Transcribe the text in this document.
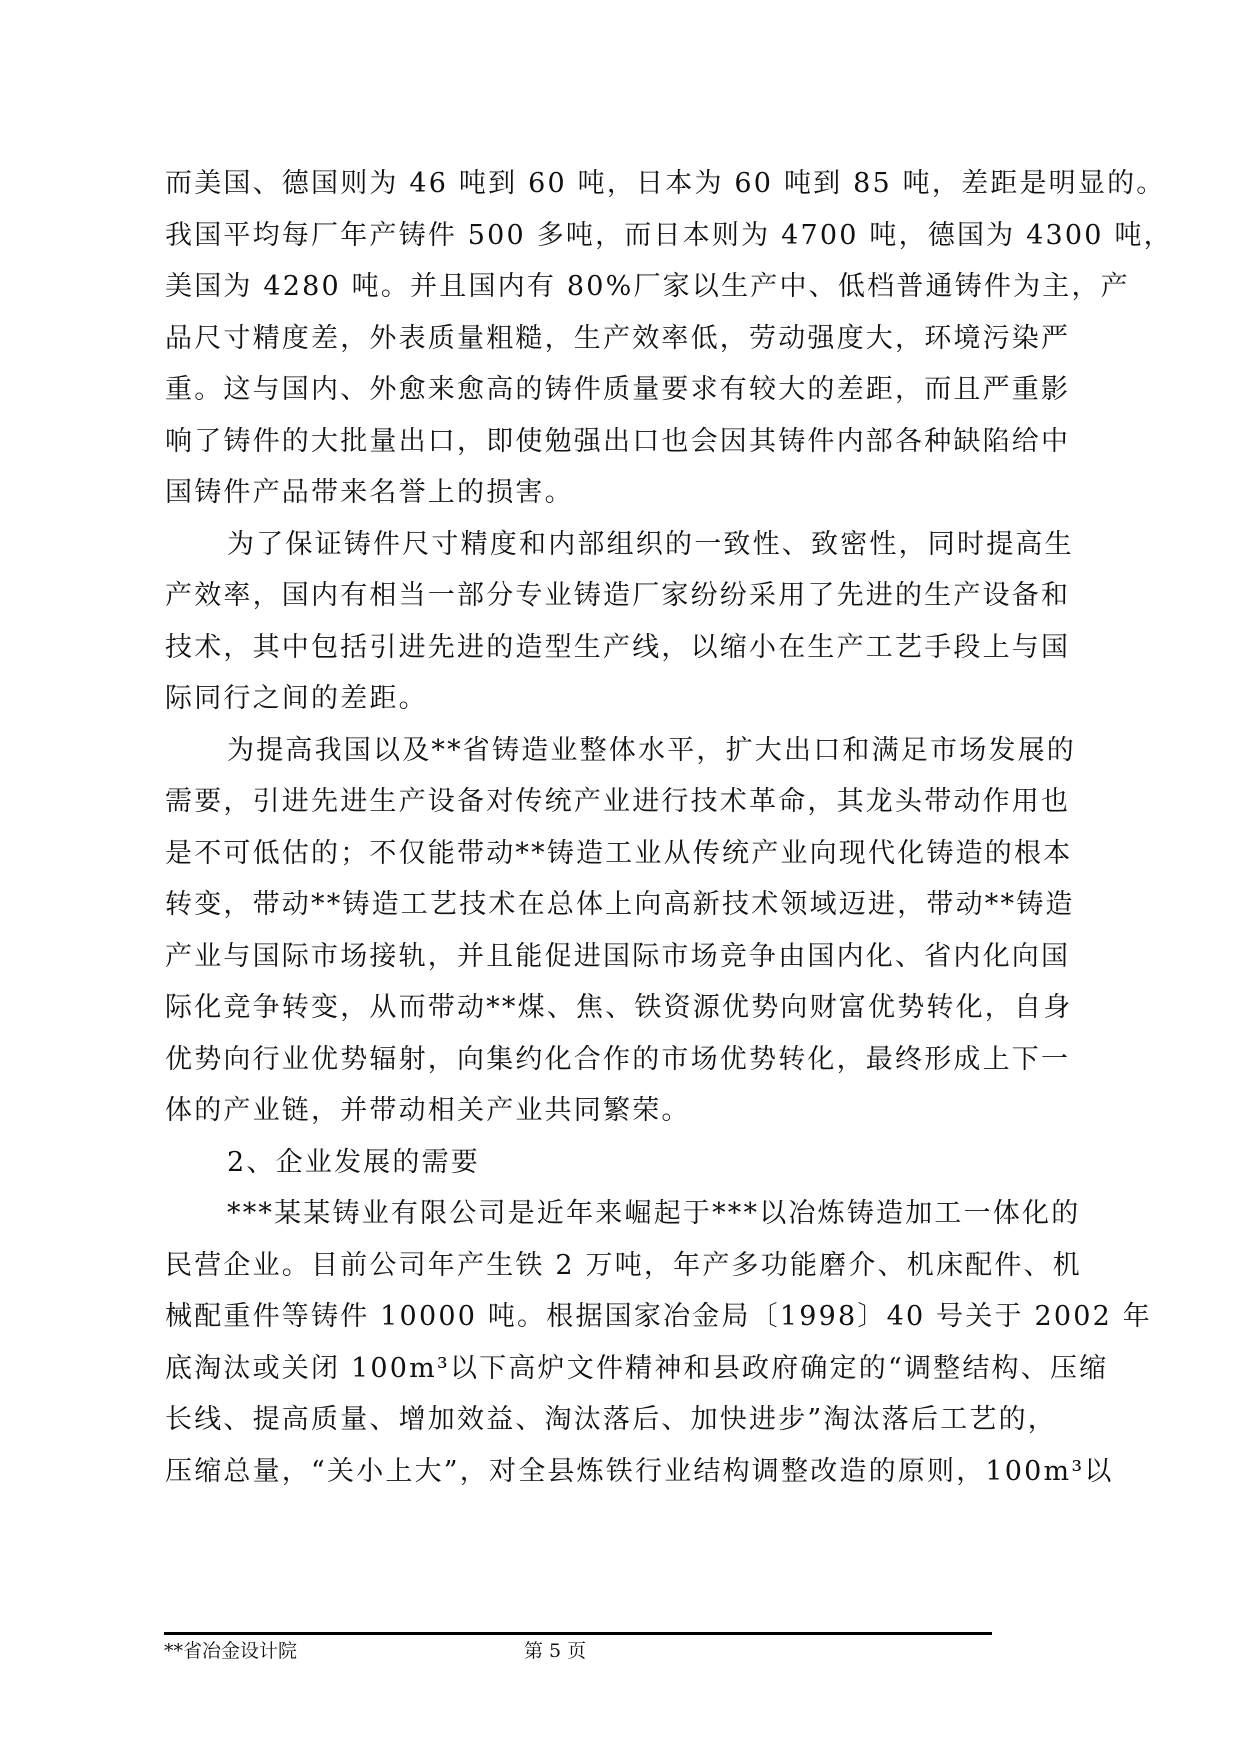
而美国、德国则为 46 吨到 60 吨，日本为 60 吨到 85 吨，差距是明显的。
我国平均每厂年产铸件 500 多吨，而日本则为 4700 吨，德国为 4300 吨，
美国为 4280 吨。并且国内有 80%厂家以生产中、低档普通铸件为主，产
品尺寸精度差，外表质量粗糙，生产效率低，劳动强度大，环境污染严
重。这与国内、外愈来愈高的铸件质量要求有较大的差距，而且严重影
响了铸件的大批量出口，即使勉强出口也会因其铸件内部各种缺陷给中
国铸件产品带来名誉上的损害。
为了保证铸件尺寸精度和内部组织的一致性、致密性，同时提高生
产效率，国内有相当一部分专业铸造厂家纷纷采用了先进的生产设备和
技术，其中包括引进先进的造型生产线，以缩小在生产工艺手段上与国
际同行之间的差距。
为提高我国以及**省铸造业整体水平，扩大出口和满足市场发展的
需要，引进先进生产设备对传统产业进行技术革命，其龙头带动作用也
是不可低估的；不仅能带动**铸造工业从传统产业向现代化铸造的根本
转变，带动**铸造工艺技术在总体上向高新技术领域迈进，带动**铸造
产业与国际市场接轨，并且能促进国际市场竞争由国内化、省内化向国
际化竞争转变，从而带动**煤、焦、铁资源优势向财富优势转化，自身
优势向行业优势辐射，向集约化合作的市场优势转化，最终形成上下一
体的产业链，并带动相关产业共同繁荣。
2、企业发展的需要
***某某铸业有限公司是近年来崛起于***以冶炼铸造加工一体化的
民营企业。目前公司年产生铁 2 万吨，年产多功能磨介、机床配件、机
械配重件等铸件 10000 吨。根据国家冶金局〔1998〕40 号关于 2002 年
底淘汰或关闭 100m³以下高炉文件精神和县政府确定的“调整结构、压缩
长线、提高质量、增加效益、淘汰落后、加快进步”淘汰落后工艺的，
压缩总量，“关小上大”，对全县炼铁行业结构调整改造的原则，100m³以
**省冶金设计院	第 5 页
